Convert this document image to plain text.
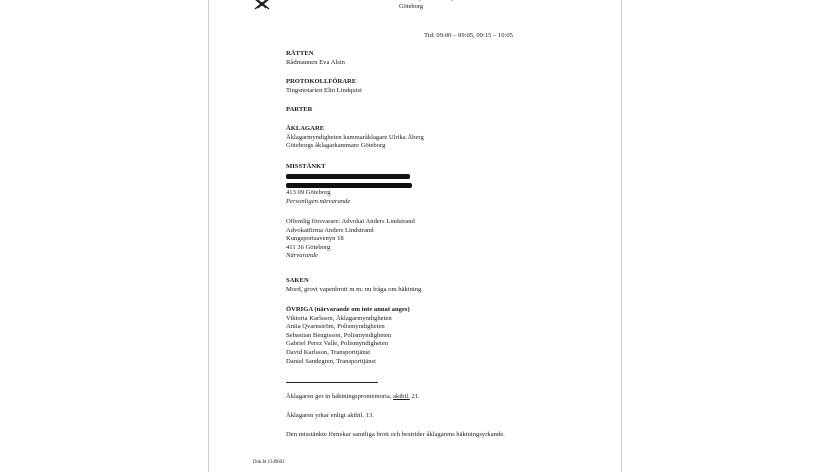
Göteborg
Tid: 09:00 – 09:05, 09:15 – 10:05
RÄTTEN
Rådmannen Eva Alsin
PROTOKOLLFÖRARE
Tingsnotarien Elin Lindquist
PARTER
ÅKLAGARE
Åklagarmyndigheten kammaråklagare Ulrika Åberg
Göteborgs åklagarkammare Göteborg
MISSTÄNKT
413 09 Göteborg
Personligen närvarande
Offentlig försvarare: Advokat Anders Lindstrand
Advokatfirma Anders Lindstrand
Kungsportsavenyn 18
411 36 Göteborg
Närvarande
SAKEN
Mord, grovt vapenbrott m m; nu fråga om häktning
ÖVRIGA (närvarande om inte annat anges)
Viktoria Karlsson, Åklagarmyndigheten
Anita Qvarnström, Polismyndigheten
Sebastian Bengtsson, Polismyndigheten
Gabriel Perez Valle, Polismyndigheten
David Karlsson, Transporttjänst
Daniel Sandegren, Transporttjänst
Åklagaren ger in häktningspromemoria, aktbil. 21.
Åklagaren yrkar enligt aktbil. 13.
Den misstänkte förnekar samtliga brott och bestrider åklagarens häktningsyrkande.
Dok.Id 1349603
